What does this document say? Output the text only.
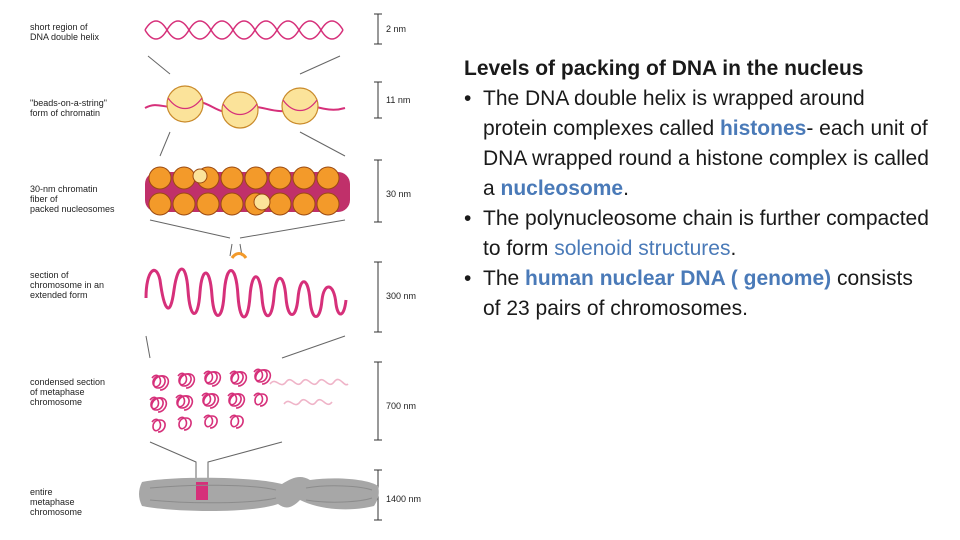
short region of
DNA double helix
"beads-on-a-string"
form of chromatin
30-nm chromatin
fiber of
packed nucleosomes
section of
chromosome in an
extended form
condensed section
of metaphase
chromosome
entire
metaphase
chromosome
2 nm
11 nm
30 nm
300 nm
700 nm
1400 nm
Levels of packing of DNA in the nucleus
• The DNA double helix is wrapped around protein complexes called histones- each unit of DNA wrapped round a histone complex is called a nucleosome.
• The polynucleosome chain is further compacted to form solenoid structures.
• The human nuclear DNA ( genome) consists of 23 pairs of chromosomes.
